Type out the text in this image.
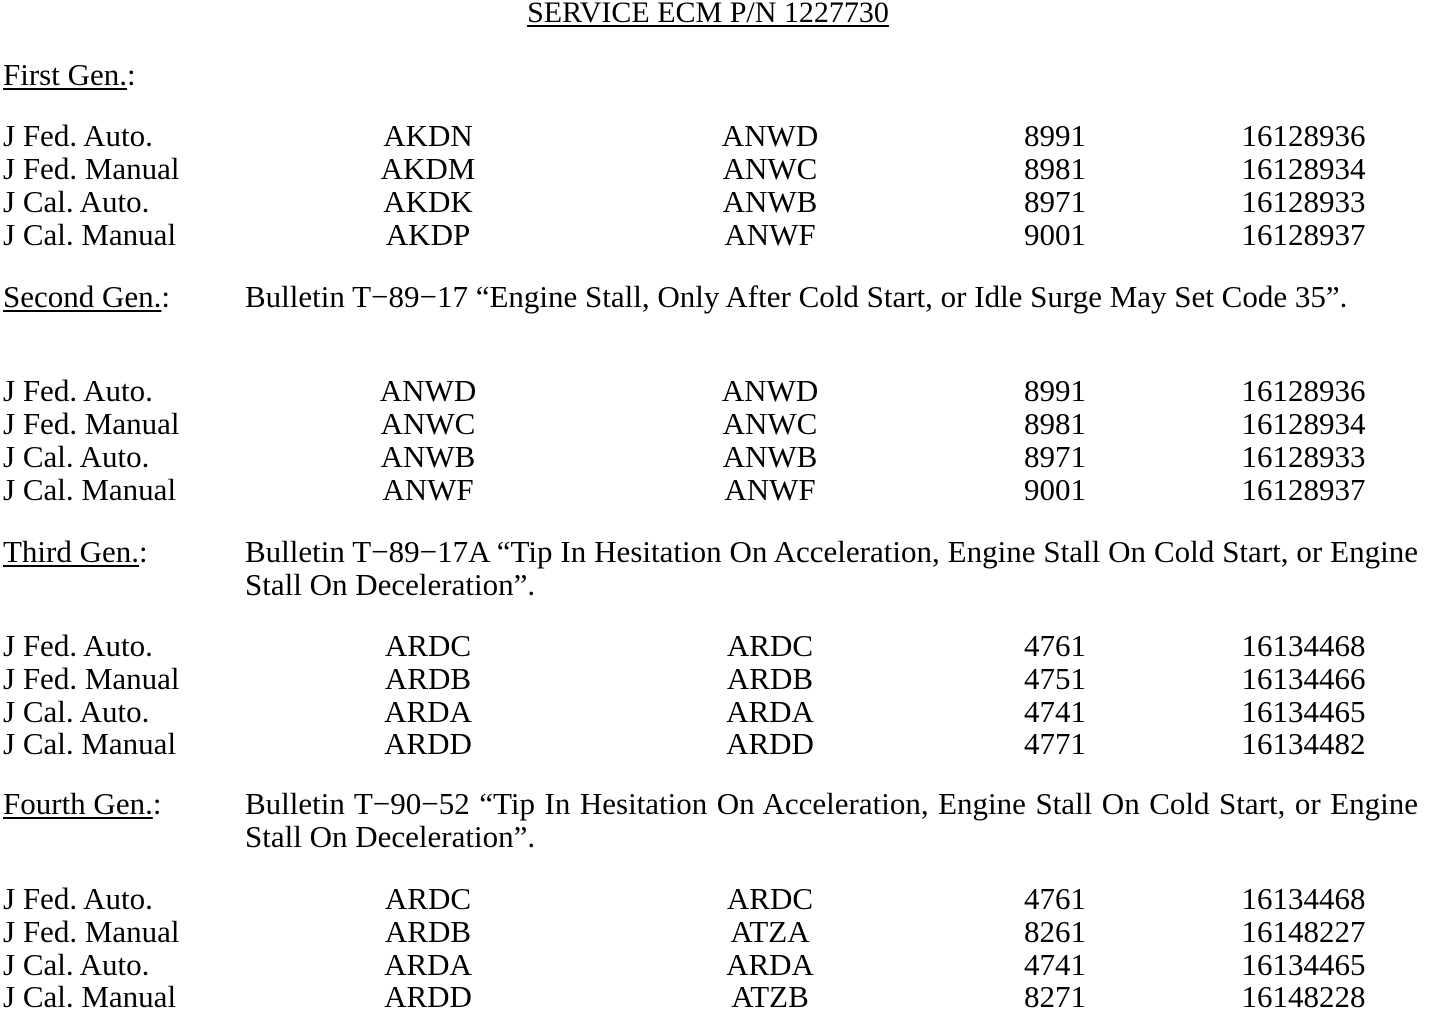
SERVICE ECM P/N 1227730
First Gen.:
J Fed. Auto.	AKDN	ANWD	8991	16128936
J Fed. Manual	AKDM	ANWC	8981	16128934
J Cal. Auto.	AKDK	ANWB	8971	16128933
J Cal. Manual	AKDP	ANWF	9001	16128937
Second Gen.: Bulletin T−89−17 “Engine Stall, Only After Cold Start, or Idle Surge May Set Code 35”.
J Fed. Auto.	ANWD	ANWD	8991	16128936
J Fed. Manual	ANWC	ANWC	8981	16128934
J Cal. Auto.	ANWB	ANWB	8971	16128933
J Cal. Manual	ANWF	ANWF	9001	16128937
Third Gen.:	Bulletin T−89−17A “Tip In Hesitation On Acceleration, Engine Stall On Cold Start, or Engine Stall On Deceleration”.
J Fed. Auto.	ARDC	ARDC	4761	16134468
J Fed. Manual	ARDB	ARDB	4751	16134466
J Cal. Auto.	ARDA	ARDA	4741	16134465
J Cal. Manual	ARDD	ARDD	4771	16134482
Fourth Gen.:	Bulletin T−90−52 “Tip In Hesitation On Acceleration, Engine Stall On Cold Start, or Engine Stall On Deceleration”.
J Fed. Auto.	ARDC	ARDC	4761	16134468
J Fed. Manual	ARDB	ATZA	8261	16148227
J Cal. Auto.	ARDA	ARDA	4741	16134465
J Cal. Manual	ARDD	ATZB	8271	16148228
